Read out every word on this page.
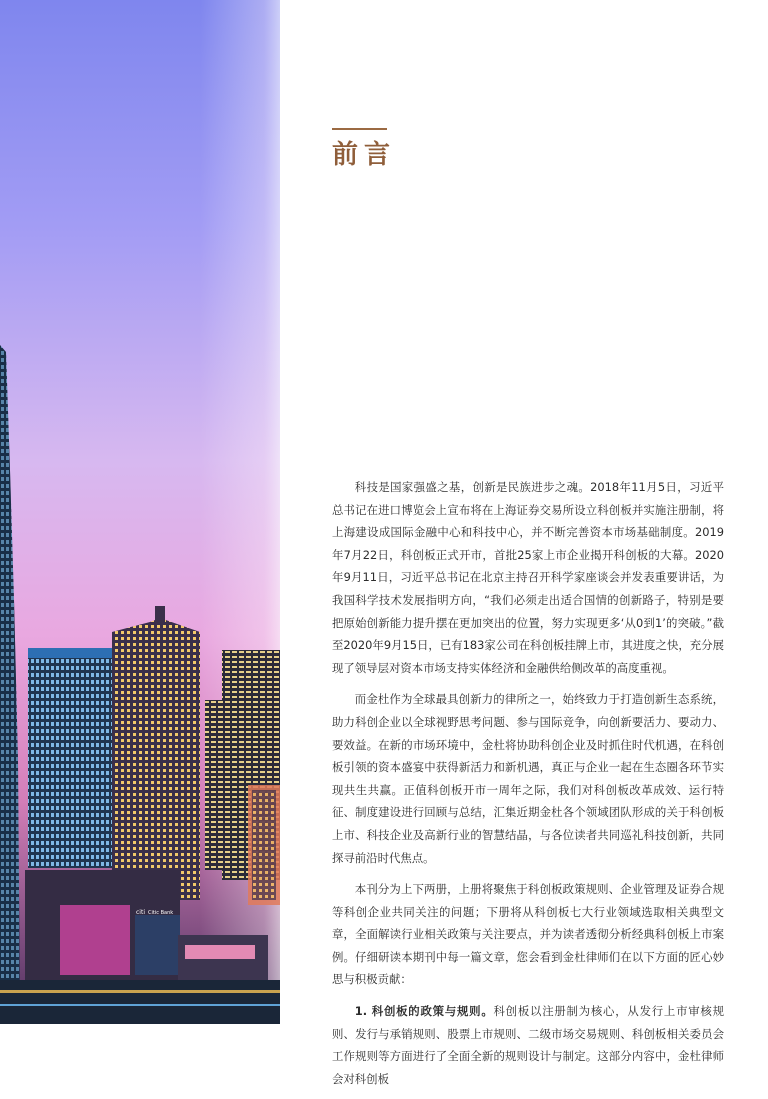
citi Citic Bank
前言

科技是国家强盛之基，创新是民族进步之魂。2018年11月5日，习近平总书记在进口博览会上宣布将在上海证券交易所设立科创板并实施注册制，将上海建设成国际金融中心和科技中心，并不断完善资本市场基础制度。2019年7月22日，科创板正式开市，首批25家上市企业揭开科创板的大幕。2020年9月11日，习近平总书记在北京主持召开科学家座谈会并发表重要讲话，为我国科学技术发展指明方向，“我们必须走出适合国情的创新路子，特别是要把原始创新能力提升摆在更加突出的位置，努力实现更多‘从0到1’的突破。”截至2020年9月15日，已有183家公司在科创板挂牌上市，其进度之快，充分展现了领导层对资本市场支持实体经济和金融供给侧改革的高度重视。

而金杜作为全球最具创新力的律所之一，始终致力于打造创新生态系统，助力科创企业以全球视野思考问题、参与国际竞争，向创新要活力、要动力、要效益。在新的市场环境中，金杜将协助科创企业及时抓住时代机遇，在科创板引领的资本盛宴中获得新活力和新机遇，真正与企业一起在生态圈各环节实现共生共赢。正值科创板开市一周年之际，我们对科创板改革成效、运行特征、制度建设进行回顾与总结，汇集近期金杜各个领域团队形成的关于科创板上市、科技企业及高新行业的智慧结晶，与各位读者共同巡礼科技创新，共同探寻前沿时代焦点。

本刊分为上下两册，上册将聚焦于科创板政策规则、企业管理及证券合规等科创企业共同关注的问题；下册将从科创板七大行业领域选取相关典型文章，全面解读行业相关政策与关注要点，并为读者透彻分析经典科创板上市案例。仔细研读本期刊中每一篇文章，您会看到金杜律师们在以下方面的匠心妙思与积极贡献：

1. 科创板的政策与规则。科创板以注册制为核心，从发行上市审核规则、发行与承销规则、股票上市规则、二级市场交易规则、科创板相关委员会工作规则等方面进行了全面全新的规则设计与制定。这部分内容中，金杜律师会对科创板
